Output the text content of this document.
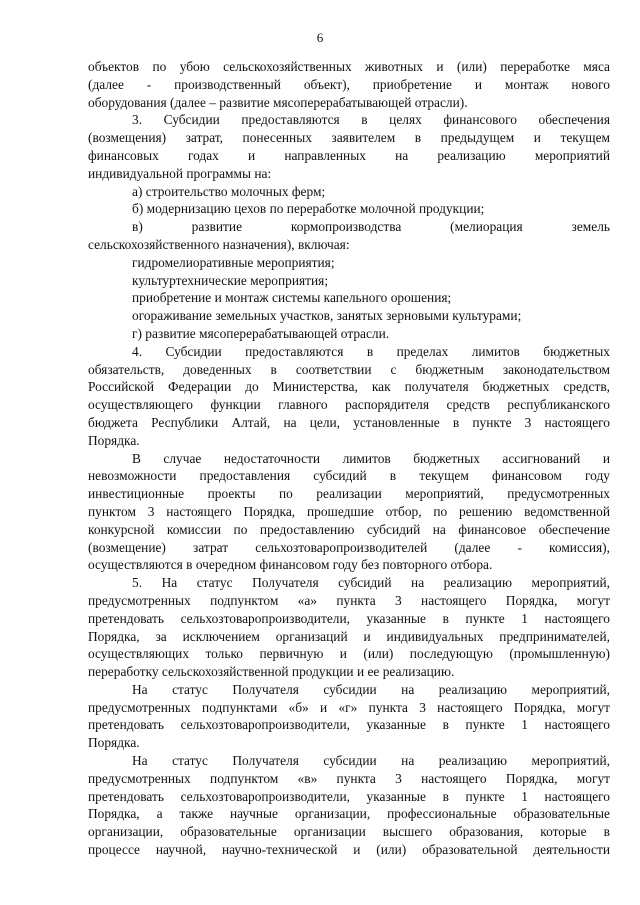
6
объектов по убою сельскохозяйственных животных и (или) переработке мяса
(далее - производственный объект), приобретение и монтаж нового
оборудования (далее – развитие мясоперерабатывающей отрасли).
3. Субсидии предоставляются в целях финансового обеспечения
(возмещения) затрат, понесенных заявителем в предыдущем и текущем
финансовых годах и направленных на реализацию мероприятий
индивидуальной программы на:
а) строительство молочных ферм;
б) модернизацию цехов по переработке молочной продукции;
в) развитие кормопроизводства (мелиорация земель
сельскохозяйственного назначения), включая:
гидромелиоративные мероприятия;
культуртехнические мероприятия;
приобретение и монтаж системы капельного орошения;
огораживание земельных участков, занятых зерновыми культурами;
г) развитие мясоперерабатывающей отрасли.
4. Субсидии предоставляются в пределах лимитов бюджетных
обязательств, доведенных в соответствии с бюджетным законодательством
Российской Федерации до Министерства, как получателя бюджетных средств,
осуществляющего функции главного распорядителя средств республиканского
бюджета Республики Алтай, на цели, установленные в пункте 3 настоящего
Порядка.
В случае недостаточности лимитов бюджетных ассигнований и
невозможности предоставления субсидий в текущем финансовом году
инвестиционные проекты по реализации мероприятий, предусмотренных
пунктом 3 настоящего Порядка, прошедшие отбор, по решению ведомственной
конкурсной комиссии по предоставлению субсидий на финансовое обеспечение
(возмещение) затрат сельхозтоваропроизводителей (далее - комиссия),
осуществляются в очередном финансовом году без повторного отбора.
5. На статус Получателя субсидий на реализацию мероприятий,
предусмотренных подпунктом «а» пункта 3 настоящего Порядка, могут
претендовать сельхозтоваропроизводители, указанные в пункте 1 настоящего
Порядка, за исключением организаций и индивидуальных предпринимателей,
осуществляющих только первичную и (или) последующую (промышленную)
переработку сельскохозяйственной продукции и ее реализацию.
На статус Получателя субсидии на реализацию мероприятий,
предусмотренных подпунктами «б» и «г» пункта 3 настоящего Порядка, могут
претендовать сельхозтоваропроизводители, указанные в пункте 1 настоящего
Порядка.
На статус Получателя субсидии на реализацию мероприятий,
предусмотренных подпунктом «в» пункта 3 настоящего Порядка, могут
претендовать сельхозтоваропроизводители, указанные в пункте 1 настоящего
Порядка, а также научные организации, профессиональные образовательные
организации, образовательные организации высшего образования, которые в
процессе научной, научно-технической и (или) образовательной деятельности
